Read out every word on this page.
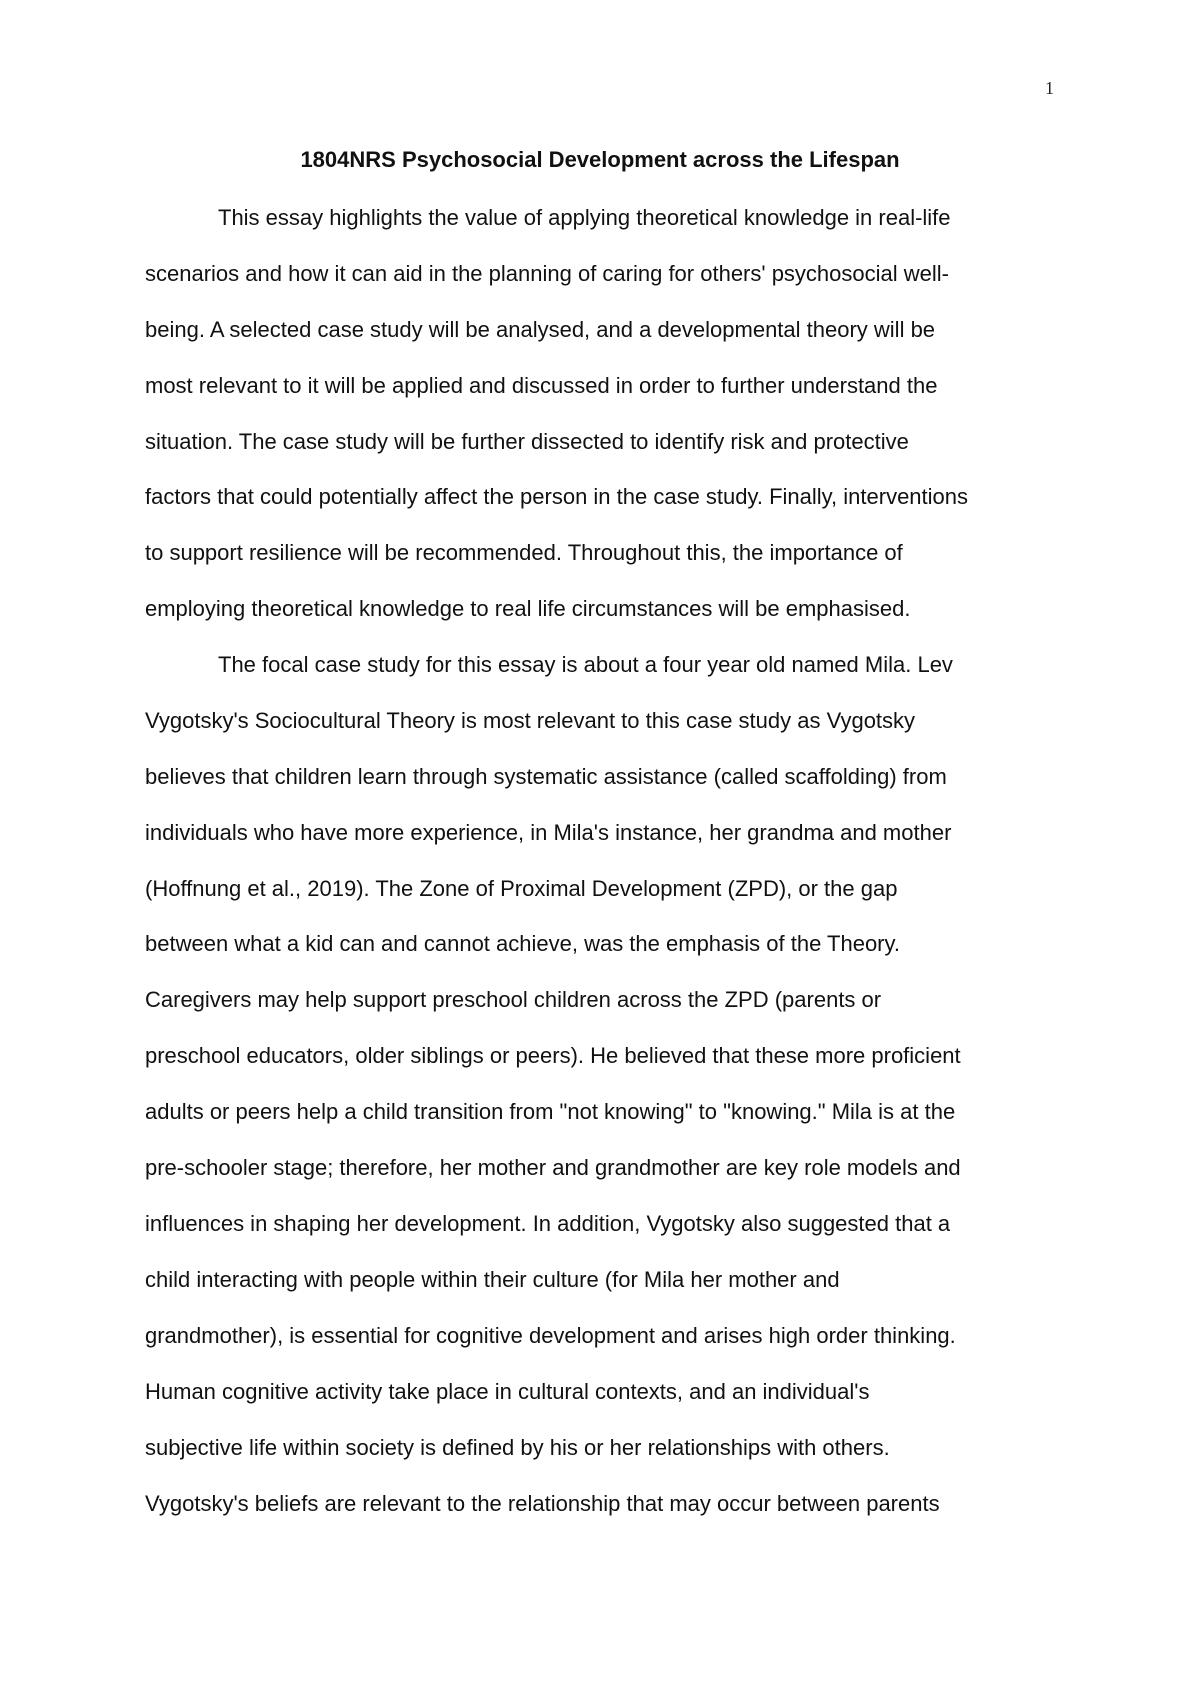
1
1804NRS Psychosocial Development across the Lifespan
This essay highlights the value of applying theoretical knowledge in real-life
scenarios and how it can aid in the planning of caring for others' psychosocial well-
being. A selected case study will be analysed, and a developmental theory will be
most relevant to it will be applied and discussed in order to further understand the
situation. The case study will be further dissected to identify risk and protective
factors that could potentially affect the person in the case study. Finally, interventions
to support resilience will be recommended. Throughout this, the importance of
employing theoretical knowledge to real life circumstances will be emphasised.
The focal case study for this essay is about a four year old named Mila. Lev
Vygotsky's Sociocultural Theory is most relevant to this case study as Vygotsky
believes that children learn through systematic assistance (called scaffolding) from
individuals who have more experience, in Mila's instance, her grandma and mother
(Hoffnung et al., 2019). The Zone of Proximal Development (ZPD), or the gap
between what a kid can and cannot achieve, was the emphasis of the Theory.
Caregivers may help support preschool children across the ZPD (parents or
preschool educators, older siblings or peers). He believed that these more proficient
adults or peers help a child transition from "not knowing" to "knowing." Mila is at the
pre-schooler stage; therefore, her mother and grandmother are key role models and
influences in shaping her development. In addition, Vygotsky also suggested that a
child interacting with people within their culture (for Mila her mother and
grandmother), is essential for cognitive development and arises high order thinking.
Human cognitive activity take place in cultural contexts, and an individual's
subjective life within society is defined by his or her relationships with others.
Vygotsky's beliefs are relevant to the relationship that may occur between parents
